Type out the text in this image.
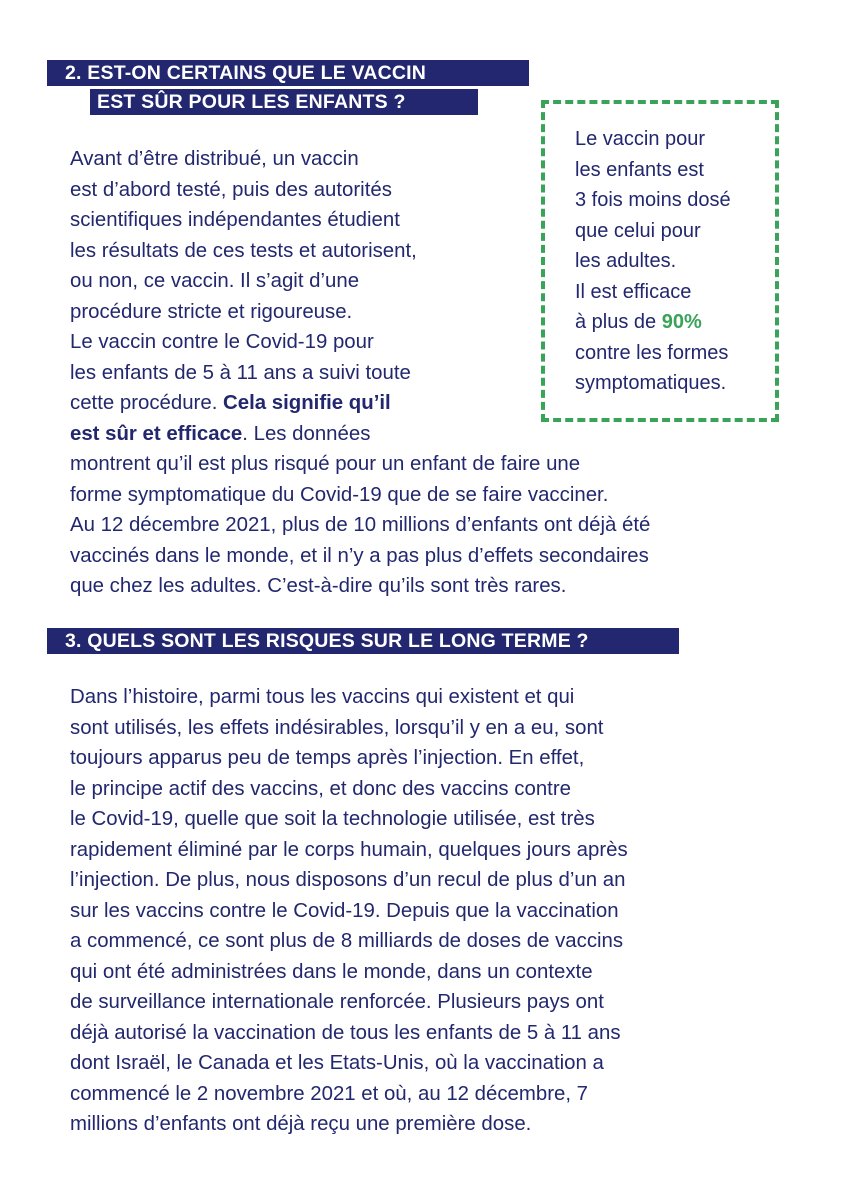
2. EST-ON CERTAINS QUE LE VACCIN
EST SÛR POUR LES ENFANTS ?
Avant d’être distribué, un vaccin
est d’abord testé, puis des autorités
scientifiques indépendantes étudient
les résultats de ces tests et autorisent,
ou non, ce vaccin. Il s’agit d’une
procédure stricte et rigoureuse.
Le vaccin contre le Covid-19 pour
les enfants de 5 à 11 ans a suivi toute
cette procédure. Cela signifie qu’il
est sûr et efficace. Les données
montrent qu’il est plus risqué pour un enfant de faire une
forme symptomatique du Covid-19 que de se faire vacciner.
Au 12 décembre 2021, plus de 10 millions d’enfants ont déjà été
vaccinés dans le monde, et il n’y a pas plus d’effets secondaires
que chez les adultes. C’est-à-dire qu’ils sont très rares.
Le vaccin pour
les enfants est
3 fois moins dosé
que celui pour
les adultes.
Il est efficace
à plus de 90%
contre les formes
symptomatiques.
3. QUELS SONT LES RISQUES SUR LE LONG TERME ?
Dans l’histoire, parmi tous les vaccins qui existent et qui
sont utilisés, les effets indésirables, lorsqu’il y en a eu, sont
toujours apparus peu de temps après l’injection. En effet,
le principe actif des vaccins, et donc des vaccins contre
le Covid-19, quelle que soit la technologie utilisée, est très
rapidement éliminé par le corps humain, quelques jours après
l’injection. De plus, nous disposons d’un recul de plus d’un an
sur les vaccins contre le Covid-19. Depuis que la vaccination
a commencé, ce sont plus de 8 milliards de doses de vaccins
qui ont été administrées dans le monde, dans un contexte
de surveillance internationale renforcée. Plusieurs pays ont
déjà autorisé la vaccination de tous les enfants de 5 à 11 ans
dont Israël, le Canada et les Etats-Unis, où la vaccination a
commencé le 2 novembre 2021 et où, au 12 décembre, 7
millions d’enfants ont déjà reçu une première dose.
